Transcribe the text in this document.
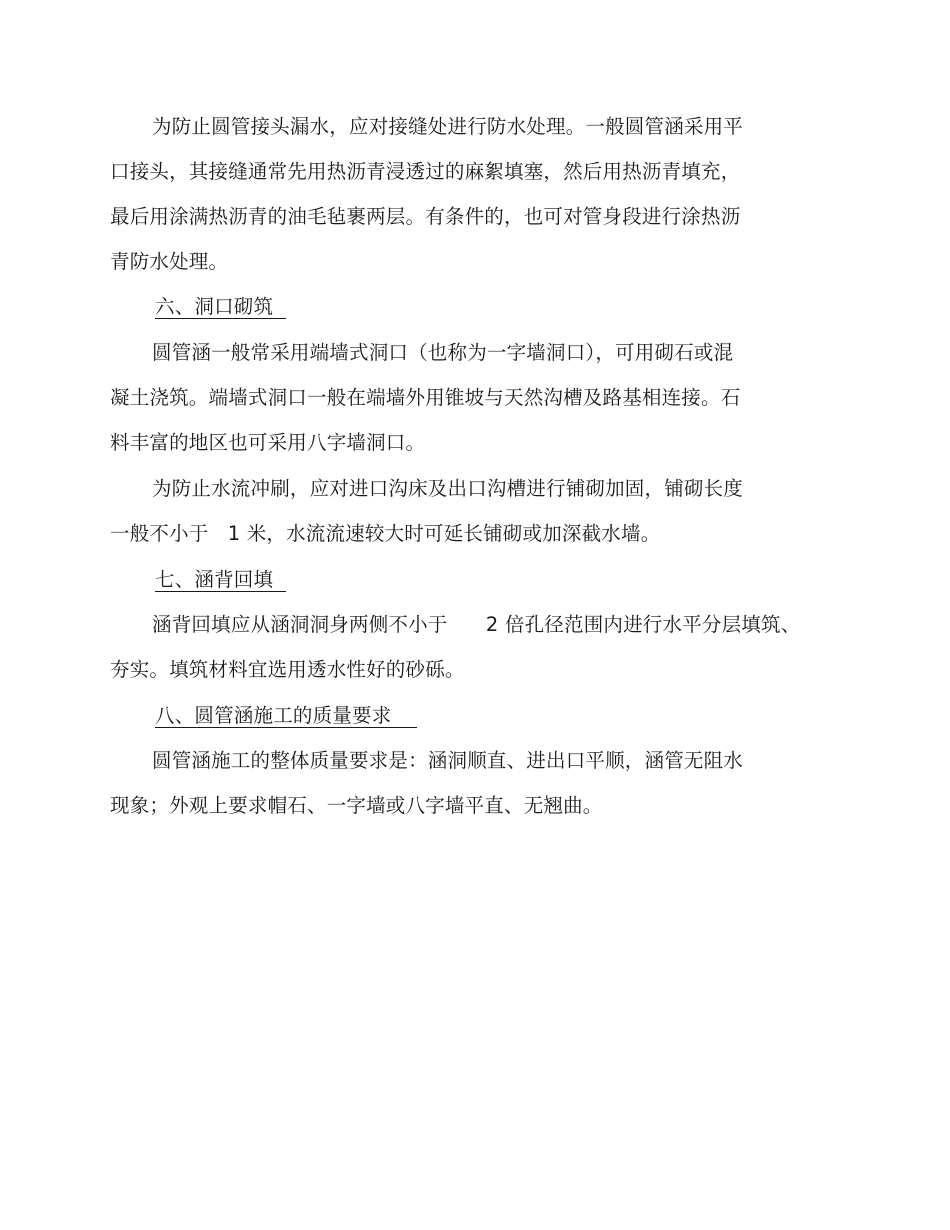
为防止圆管接头漏水，应对接缝处进行防水处理。一般圆管涵采用平
口接头，其接缝通常先用热沥青浸透过的麻絮填塞，然后用热沥青填充，
最后用涂满热沥青的油毛毡裹两层。有条件的，也可对管身段进行涂热沥
青防水处理。
六、洞口砌筑
圆管涵一般常采用端墙式洞口（也称为一字墙洞口），可用砌石或混
凝土浇筑。端墙式洞口一般在端墙外用锥坡与天然沟槽及路基相连接。石
料丰富的地区也可采用八字墙洞口。
为防止水流冲刷，应对进口沟床及出口沟槽进行铺砌加固，铺砌长度
一般不小于   1 米，水流流速较大时可延长铺砌或加深截水墙。
七、涵背回填
涵背回填应从涵洞洞身两侧不小于      2 倍孔径范围内进行水平分层填筑、
夯实。填筑材料宜选用透水性好的砂砾。
八、圆管涵施工的质量要求
圆管涵施工的整体质量要求是：涵洞顺直、进出口平顺，涵管无阻水
现象；外观上要求帽石、一字墙或八字墙平直、无翘曲。
